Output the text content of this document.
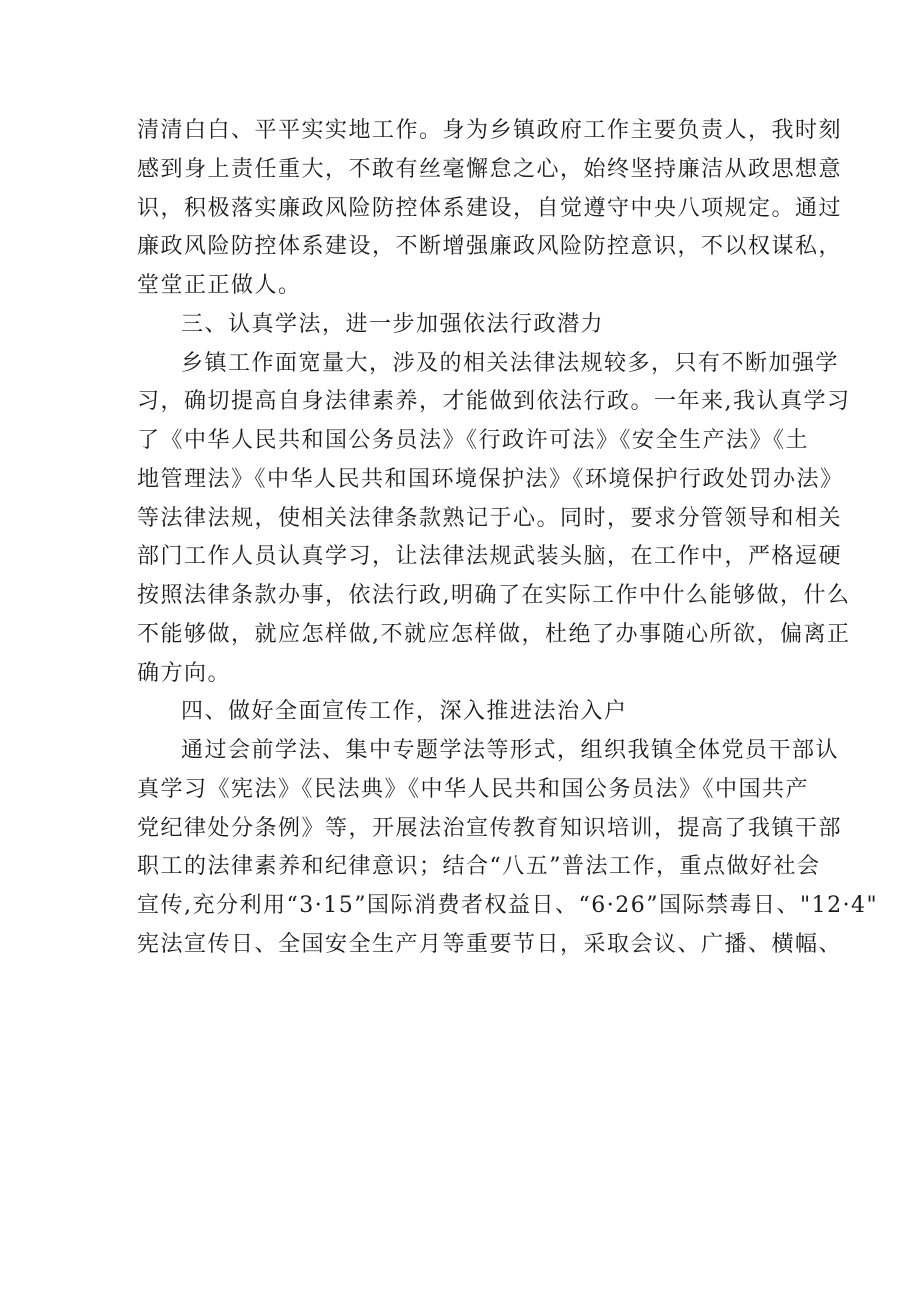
清清白白、平平实实地工作。身为乡镇政府工作主要负责人，我时刻
感到身上责任重大，不敢有丝毫懈怠之心，始终坚持廉洁从政思想意
识，积极落实廉政风险防控体系建设，自觉遵守中央八项规定。通过
廉政风险防控体系建设，不断增强廉政风险防控意识，不以权谋私，
堂堂正正做人。

三、认真学法，进一步加强依法行政潜力

乡镇工作面宽量大，涉及的相关法律法规较多，只有不断加强学
习，确切提高自身法律素养，才能做到依法行政。一年来,我认真学习
了《中华人民共和国公务员法》《行政许可法》《安全生产法》《土
地管理法》《中华人民共和国环境保护法》《环境保护行政处罚办法》
等法律法规，使相关法律条款熟记于心。同时，要求分管领导和相关
部门工作人员认真学习，让法律法规武装头脑，在工作中，严格逗硬
按照法律条款办事，依法行政,明确了在实际工作中什么能够做，什么
不能够做，就应怎样做,不就应怎样做，杜绝了办事随心所欲，偏离正
确方向。

四、做好全面宣传工作，深入推进法治入户

通过会前学法、集中专题学法等形式，组织我镇全体党员干部认
真学习《宪法》《民法典》《中华人民共和国公务员法》《中国共产
党纪律处分条例》等，开展法治宣传教育知识培训，提高了我镇干部
职工的法律素养和纪律意识；结合“八五”普法工作，重点做好社会
宣传,充分利用“3·15”国际消费者权益日、“6·26”国际禁毒日、"12·4"
宪法宣传日、全国安全生产月等重要节日，采取会议、广播、横幅、
